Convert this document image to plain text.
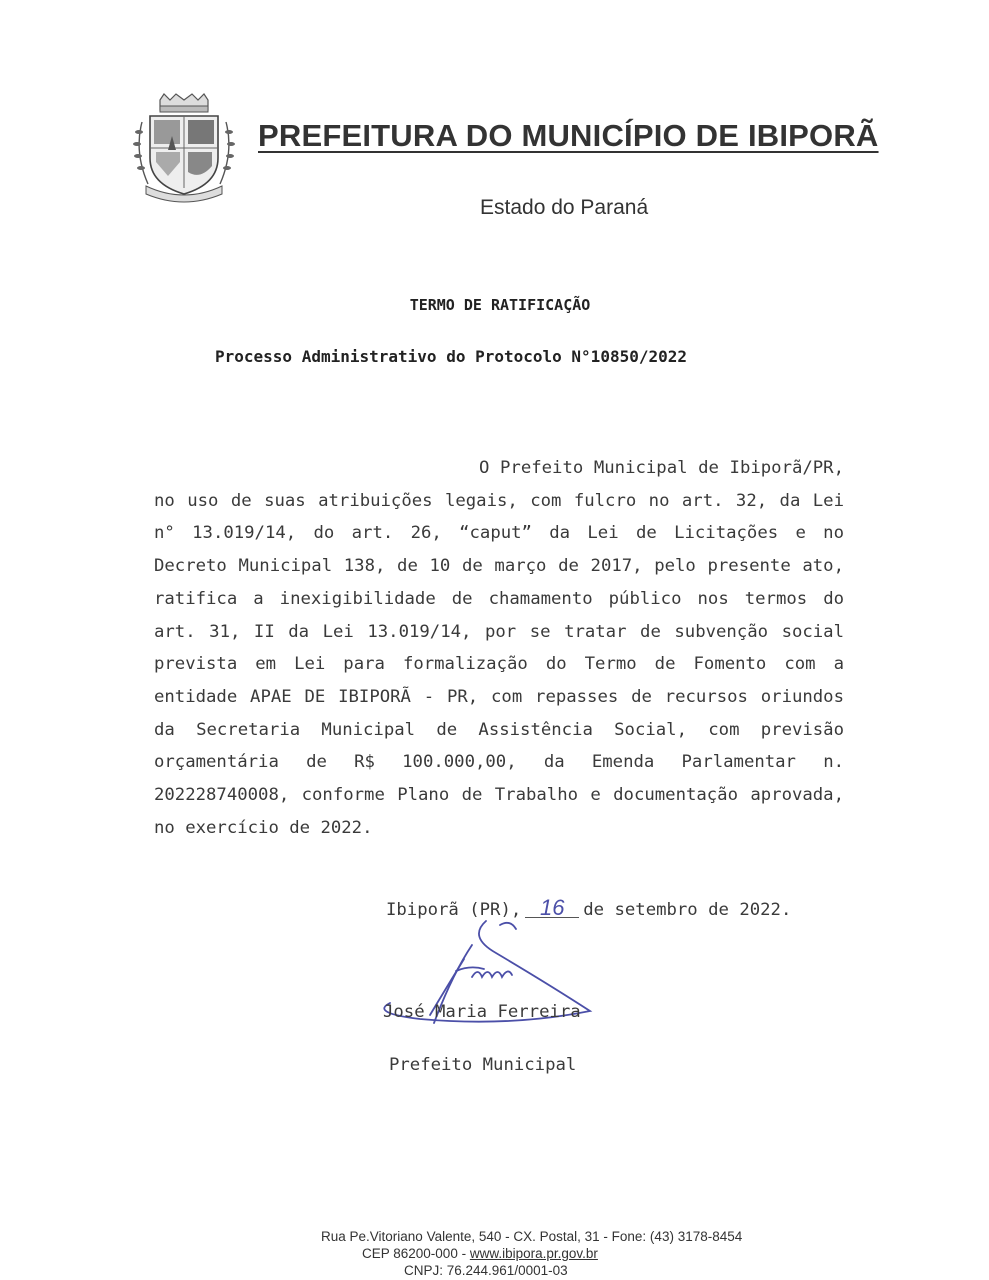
PREFEITURA DO MUNICÍPIO DE IBIPORÃ
Estado do Paraná
TERMO DE RATIFICAÇÃO
Processo Administrativo do Protocolo N°10850/2022

O Prefeito Municipal de Ibiporã/PR, no uso de suas atribuições legais, com fulcro no art. 32, da Lei n° 13.019/14, do art. 26, “caput” da Lei de Licitações e no Decreto Municipal 138, de 10 de março de 2017, pelo presente ato, ratifica a inexigibilidade de chamamento público nos termos do art. 31, II da Lei 13.019/14, por se tratar de subvenção social prevista em Lei para formalização do Termo de Fomento com a entidade APAE DE IBIPORÃ - PR, com repasses de recursos oriundos da Secretaria Municipal de Assistência Social, com previsão orçamentária de R$ 100.000,00, da Emenda Parlamentar n. 202228740008, conforme Plano de Trabalho e documentação aprovada, no exercício de 2022.

Ibiporã (PR), 16 de setembro de 2022.
José Maria Ferreira
Prefeito Municipal
Rua Pe.Vitoriano Valente, 540 - CX. Postal, 31 - Fone: (43) 3178-8454
CEP 86200-000 - www.ibipora.pr.gov.br
CNPJ: 76.244.961/0001-03
